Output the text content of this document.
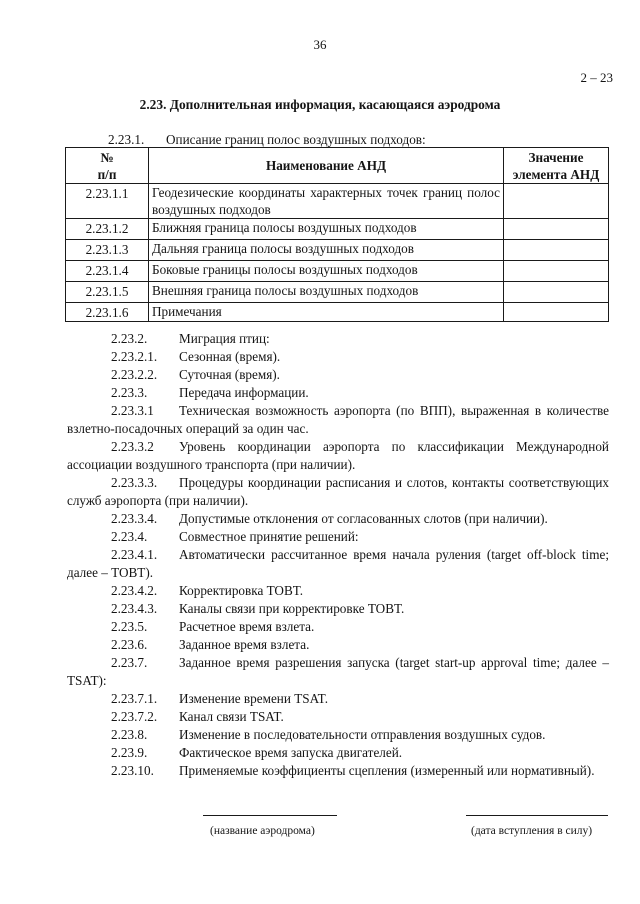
36
2 – 23
2.23. Дополнительная информация, касающаяся аэродрома
2.23.1. Описание границ полос воздушных подходов:
№
п/п	Наименование АНД	Значение
элемента АНД
2.23.1.1	Геодезические координаты характерных точек границ полос воздушных подходов	
2.23.1.2	Ближняя граница полосы воздушных подходов	
2.23.1.3	Дальняя граница полосы воздушных подходов	
2.23.1.4	Боковые границы полосы воздушных подходов	
2.23.1.5	Внешняя граница полосы воздушных подходов	
2.23.1.6	Примечания	
2.23.2. Миграция птиц:
2.23.2.1. Сезонная (время).
2.23.2.2. Суточная (время).
2.23.3. Передача информации.
2.23.3.1 Техническая возможность аэропорта (по ВПП), выраженная в количестве взлетно-посадочных операций за один час.
2.23.3.2 Уровень координации аэропорта по классификации Международной ассоциации воздушного транспорта (при наличии).
2.23.3.3. Процедуры координации расписания и слотов, контакты соответствующих служб аэропорта (при наличии).
2.23.3.4. Допустимые отклонения от согласованных слотов (при наличии).
2.23.4. Совместное принятие решений:
2.23.4.1. Автоматически рассчитанное время начала руления (target off-block time; далее – TOBT).
2.23.4.2. Корректировка TOBT.
2.23.4.3. Каналы связи при корректировке TOBT.
2.23.5. Расчетное время взлета.
2.23.6. Заданное время взлета.
2.23.7. Заданное время разрешения запуска (target start-up approval time; далее – TSAT):
2.23.7.1. Изменение времени TSAT.
2.23.7.2. Канал связи TSAT.
2.23.8. Изменение в последовательности отправления воздушных судов.
2.23.9. Фактическое время запуска двигателей.
2.23.10. Применяемые коэффициенты сцепления (измеренный или нормативный).
(название аэродрома)	(дата вступления в силу)
